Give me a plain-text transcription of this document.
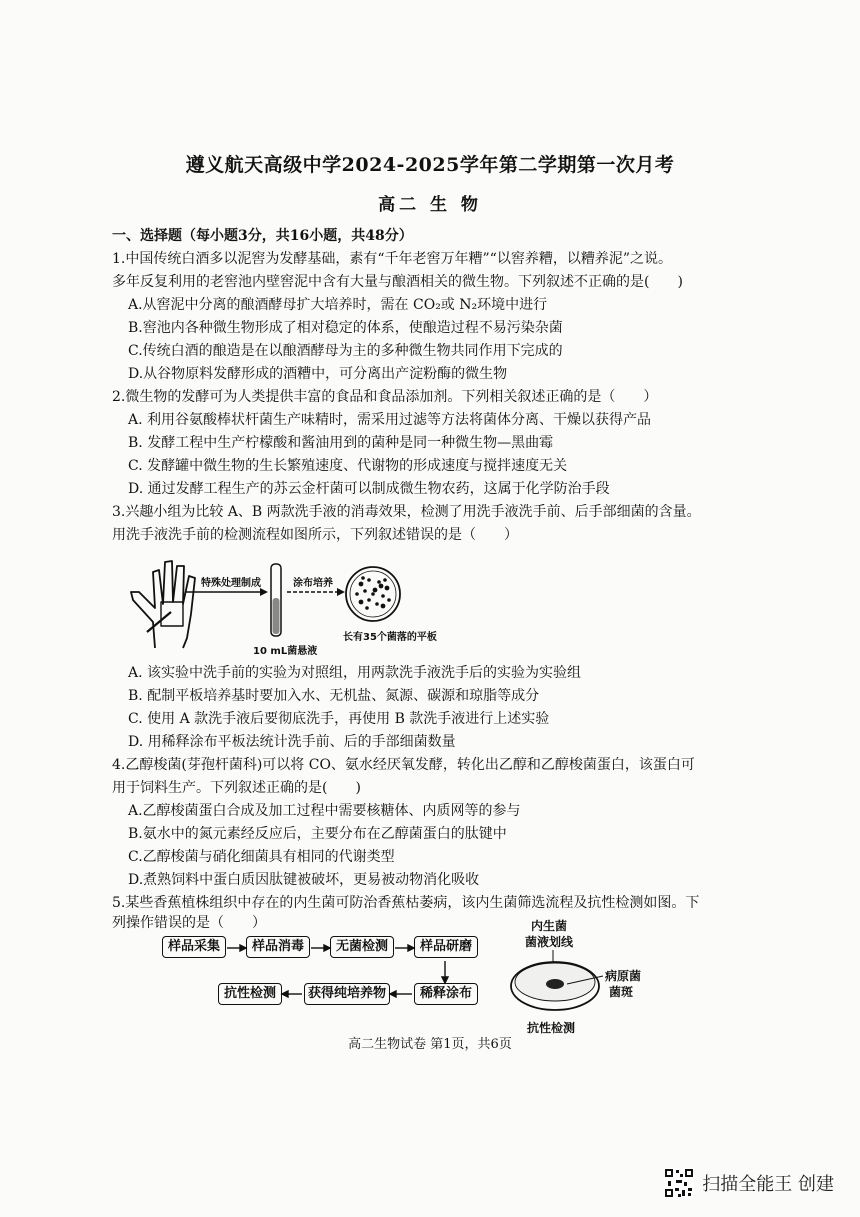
遵义航天高级中学2024-2025学年第二学期第一次月考
高二 生 物
一、选择题（每小题3分，共16小题，共48分）
1.中国传统白酒多以泥窖为发酵基础，素有“千年老窖万年糟”“以窖养糟，以糟养泥”之说。
多年反复利用的老窖池内壁窖泥中含有大量与酿酒相关的微生物。下列叙述不正确的是(　　)
A.从窖泥中分离的酿酒酵母扩大培养时，需在 CO₂或 N₂环境中进行
B.窖池内各种微生物形成了相对稳定的体系，使酿造过程不易污染杂菌
C.传统白酒的酿造是在以酿酒酵母为主的多种微生物共同作用下完成的
D.从谷物原料发酵形成的酒糟中，可分离出产淀粉酶的微生物
2.微生物的发酵可为人类提供丰富的食品和食品添加剂。下列相关叙述正确的是（　　）
A. 利用谷氨酸棒状杆菌生产味精时，需采用过滤等方法将菌体分离、干燥以获得产品
B. 发酵工程中生产柠檬酸和酱油用到的菌种是同一种微生物—黑曲霉
C. 发酵罐中微生物的生长繁殖速度、代谢物的形成速度与搅拌速度无关
D. 通过发酵工程生产的苏云金杆菌可以制成微生物农药，这属于化学防治手段
3.兴趣小组为比较 A、B 两款洗手液的消毒效果，检测了用洗手液洗手前、后手部细菌的含量。
用洗手液洗手前的检测流程如图所示，下列叙述错误的是（　　）
特殊处理制成
10 mL菌悬液
涂布培养
长有35个菌落的平板
A. 该实验中洗手前的实验为对照组，用两款洗手液洗手后的实验为实验组
B. 配制平板培养基时要加入水、无机盐、氮源、碳源和琼脂等成分
C. 使用 A 款洗手液后要彻底洗手，再使用 B 款洗手液进行上述实验
D. 用稀释涂布平板法统计洗手前、后的手部细菌数量
4.乙醇梭菌(芽孢杆菌科)可以将 CO、氨水经厌氧发酵，转化出乙醇和乙醇梭菌蛋白，该蛋白可
用于饲料生产。下列叙述正确的是(　　)
A.乙醇梭菌蛋白合成及加工过程中需要核糖体、内质网等的参与
B.氨水中的氮元素经反应后，主要分布在乙醇菌蛋白的肽键中
C.乙醇梭菌与硝化细菌具有相同的代谢类型
D.煮熟饲料中蛋白质因肽键被破坏，更易被动物消化吸收
5.某些香蕉植株组织中存在的内生菌可防治香蕉枯萎病，该内生菌筛选流程及抗性检测如图。下
列操作错误的是（　　）
样品采集	样品消毒	无菌检测	样品研磨
抗性检测	获得纯培养物	稀释涂布
内生菌
菌液划线
病原菌
菌斑
抗性检测
高二生物试卷 第1页，共6页
扫描全能王 创建
